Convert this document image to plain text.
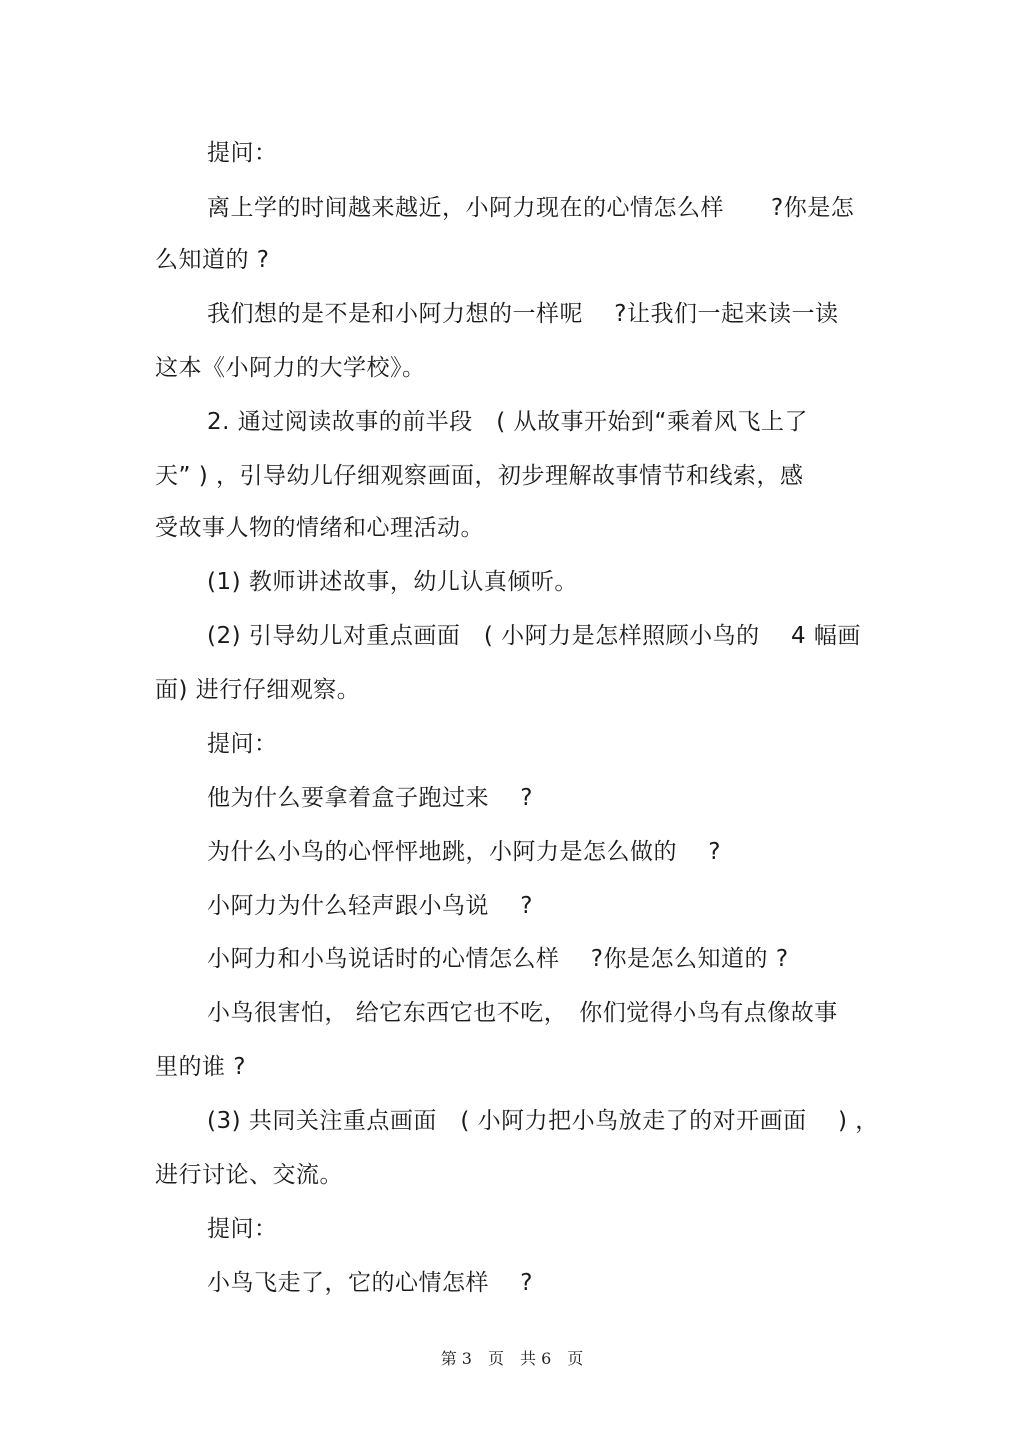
提问：
离上学的时间越来越近，小阿力现在的心情怎么样　　?你是怎
么知道的 ?
我们想的是不是和小阿力想的一样呢　 ?让我们一起来读一读
这本《小阿力的大学校》。
2. 通过阅读故事的前半段　( 从故事开始到“乘着风飞上了
天” ) ，引导幼儿仔细观察画面，初步理解故事情节和线索，感
受故事人物的情绪和心理活动。
(1) 教师讲述故事，幼儿认真倾听。
(2) 引导幼儿对重点画面　( 小阿力是怎样照顾小鸟的　 4 幅画
面) 进行仔细观察。
提问：
他为什么要拿着盒子跑过来　 ?
为什么小鸟的心怦怦地跳，小阿力是怎么做的　 ?
小阿力为什么轻声跟小鸟说　 ?
小阿力和小鸟说话时的心情怎么样　 ?你是怎么知道的 ?
小鸟很害怕， 给它东西它也不吃，　你们觉得小鸟有点像故事
里的谁 ?
(3) 共同关注重点画面　( 小阿力把小鸟放走了的对开画面　 ) ，
进行讨论、交流。
提问：
小鸟飞走了，它的心情怎样　 ?
第 3　页　共 6　页
